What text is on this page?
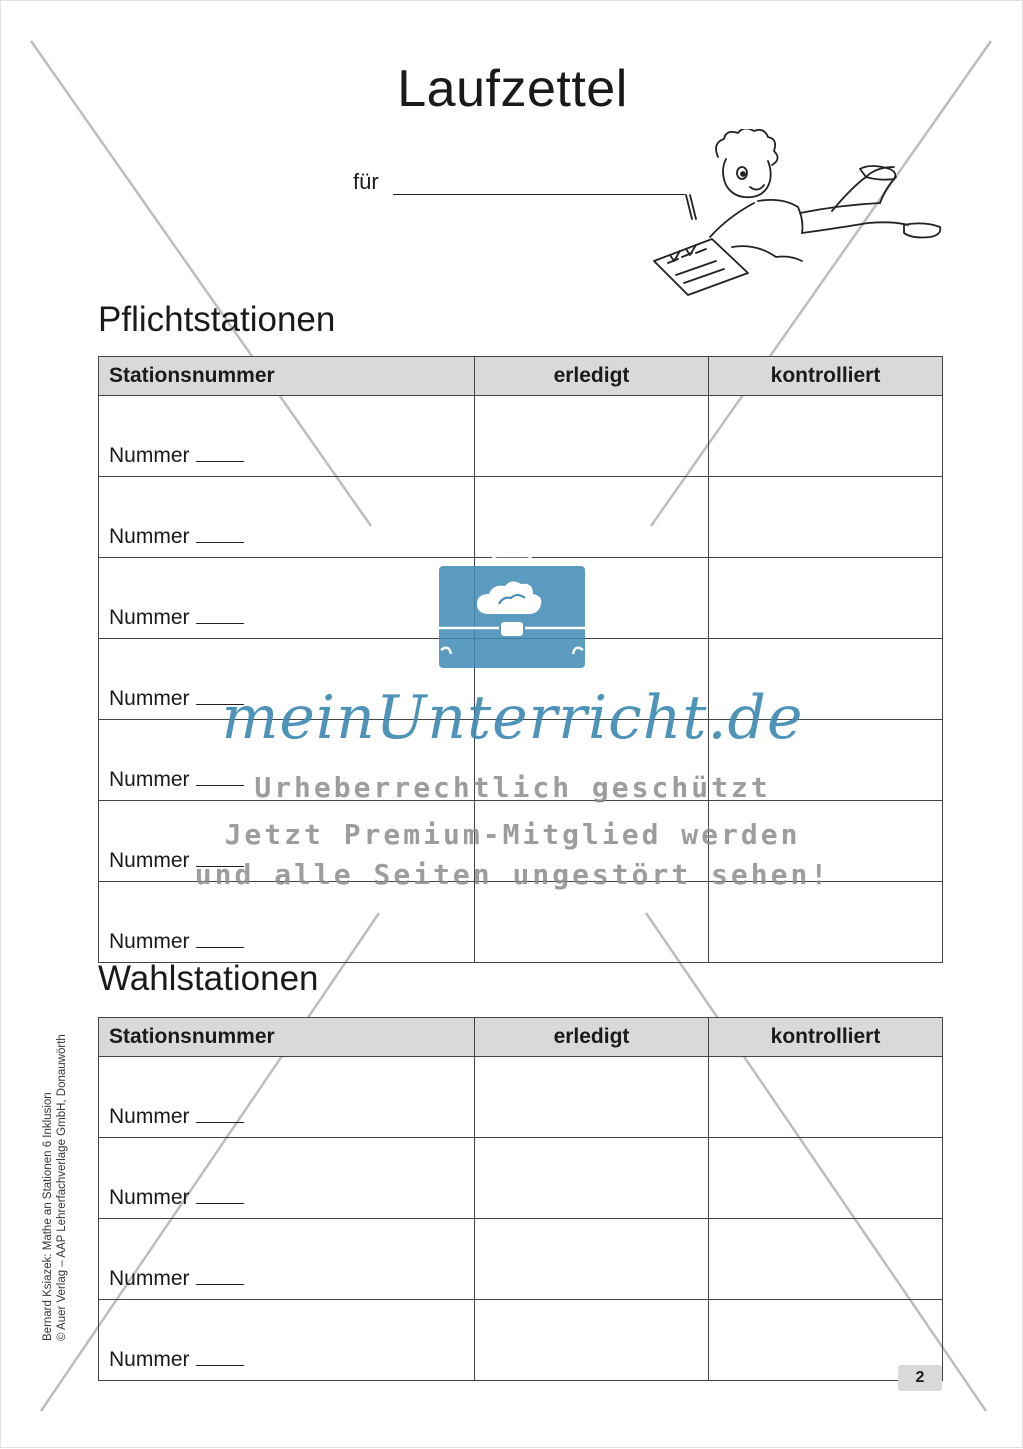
Laufzettel
für
Pflichtstationen
Stationsnummer	erledigt	kontrolliert
Nummer		
Nummer		
Nummer		
Nummer		
Nummer		
Nummer		
Nummer		
Wahlstationen
Stationsnummer	erledigt	kontrolliert
Nummer		
Nummer		
Nummer		
Nummer		
Bernard Ksiazek: Mathe an Stationen 6 Inklusion © Auer Verlag – AAP Lehrerfachverlage GmbH, Donauwörth
2
meinUnterricht.de
Urheberrechtlich geschützt
Jetzt Premium-Mitglied werden
und alle Seiten ungestört sehen!
